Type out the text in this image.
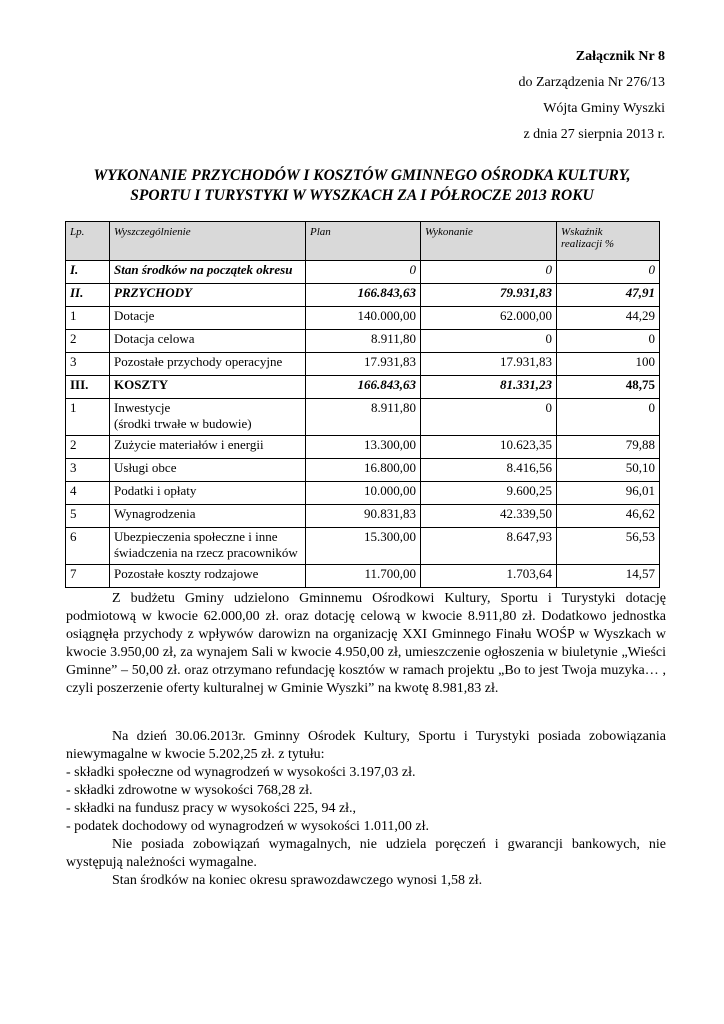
Załącznik Nr 8
do Zarządzenia Nr 276/13
Wójta Gminy Wyszki
z dnia 27 sierpnia 2013 r.
WYKONANIE PRZYCHODÓW I KOSZTÓW GMINNEGO OŚRODKA KULTURY,
SPORTU I TURYSTYKI W WYSZKACH ZA I PÓŁROCZE 2013 ROKU
Lp.	Wyszczególnienie	Plan	Wykonanie	Wskaźnik
realizacji %
I.	Stan środków na początek okresu	0	0	0
II.	PRZYCHODY	166.843,63	79.931,83	47,91
1	Dotacje	140.000,00	62.000,00	44,29
2	Dotacja celowa	8.911,80	0	0
3	Pozostałe przychody operacyjne	17.931,83	17.931,83	100
III.	KOSZTY	166.843,63	81.331,23	48,75
1	Inwestycje
(środki trwałe w budowie)	8.911,80	0	0
2	Zużycie materiałów i energii	13.300,00	10.623,35	79,88
3	Usługi obce	16.800,00	8.416,56	50,10
4	Podatki i opłaty	10.000,00	9.600,25	96,01
5	Wynagrodzenia	90.831,83	42.339,50	46,62
6	Ubezpieczenia społeczne i inne
świadczenia na rzecz pracowników	15.300,00	8.647,93	56,53
7	Pozostałe koszty rodzajowe	11.700,00	1.703,64	14,57

Z budżetu Gminy udzielono Gminnemu Ośrodkowi Kultury, Sportu i Turystyki dotację podmiotową w kwocie 62.000,00 zł. oraz dotację celową w kwocie 8.911,80 zł. Dodatkowo jednostka osiągnęła przychody z wpływów darowizn na organizację XXI Gminnego Finału WOŚP w Wyszkach w kwocie 3.950,00 zł, za wynajem Sali w kwocie 4.950,00 zł, umieszczenie ogłoszenia w biuletynie „Wieści Gminne” – 50,00 zł. oraz otrzymano refundację kosztów w ramach projektu „Bo to jest Twoja muzyka… , czyli poszerzenie oferty kulturalnej w Gminie Wyszki” na kwotę 8.981,83 zł.

Na dzień 30.06.2013r. Gminny Ośrodek Kultury, Sportu i Turystyki posiada zobowiązania niewymagalne w kwocie 5.202,25 zł. z tytułu:

- składki społeczne od wynagrodzeń w wysokości 3.197,03 zł.

- składki zdrowotne w wysokości 768,28 zł.

- składki na fundusz pracy w wysokości 225, 94 zł.,

- podatek dochodowy od wynagrodzeń w wysokości 1.011,00 zł.

Nie posiada zobowiązań wymagalnych, nie udziela poręczeń i gwarancji bankowych, nie występują należności wymagalne.

Stan środków na koniec okresu sprawozdawczego wynosi 1,58 zł.
